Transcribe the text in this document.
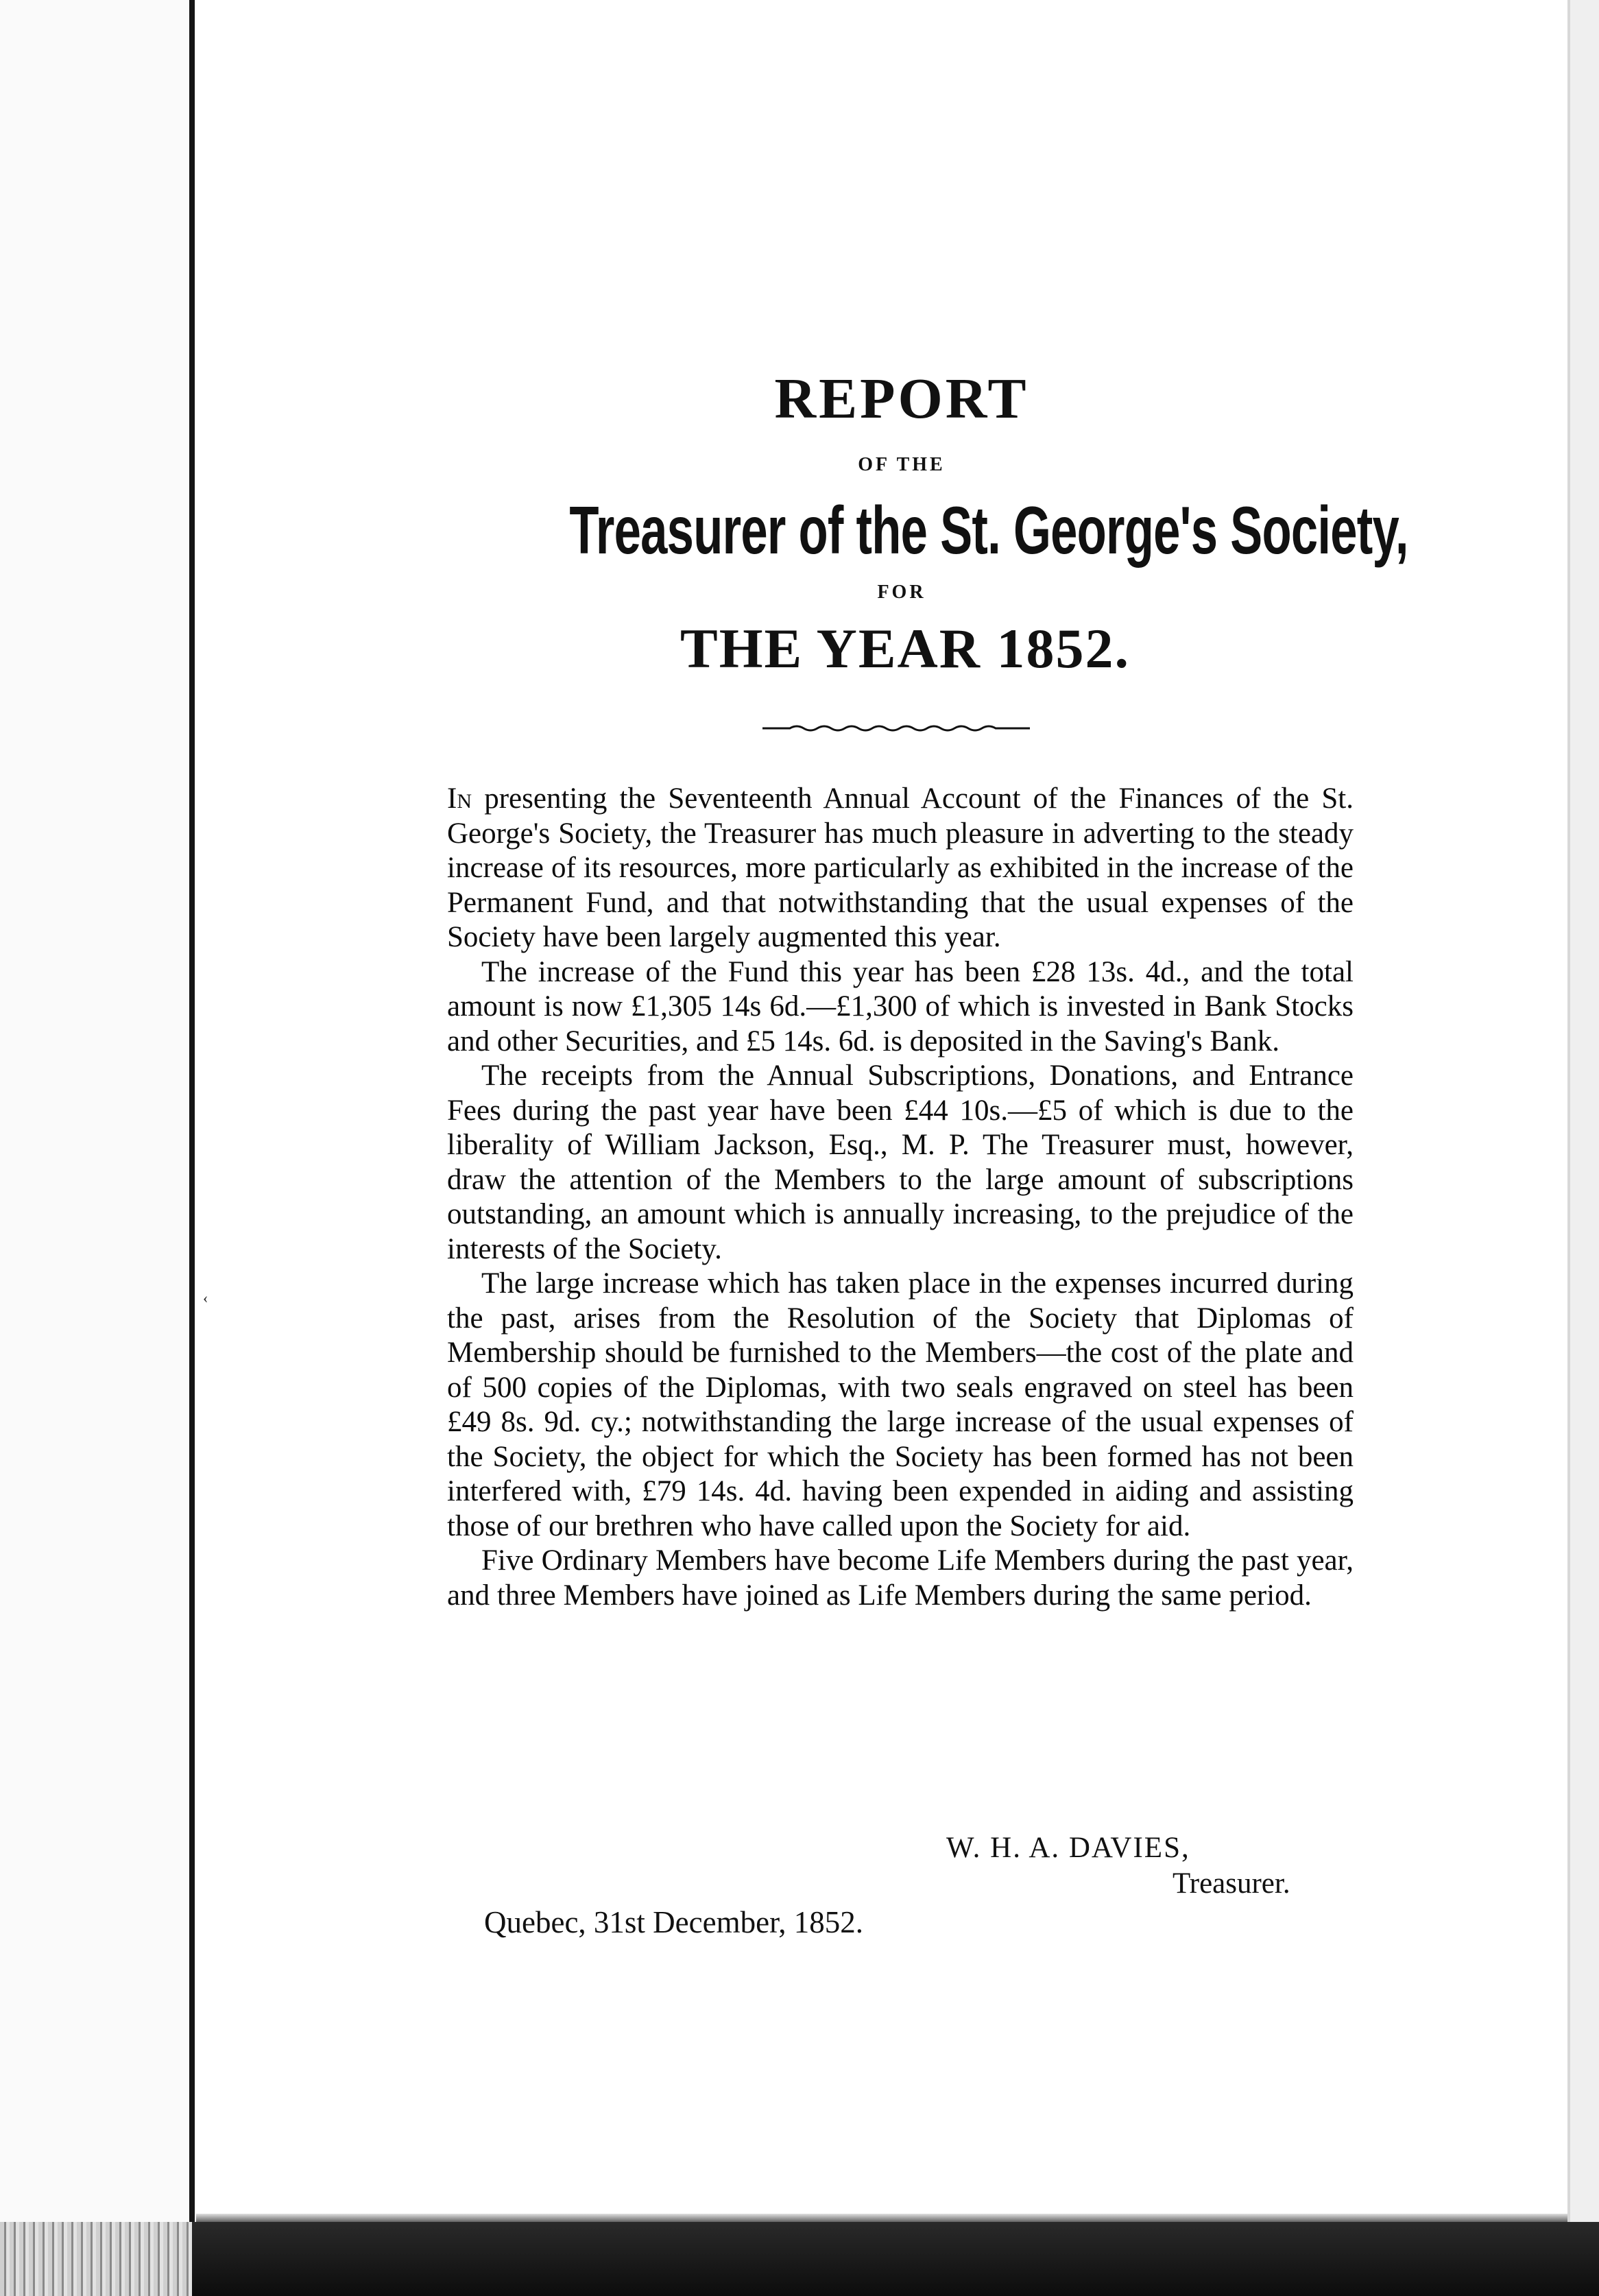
‹
REPORT
OF THE
Treasurer of the St. George's Society,
FOR
THE YEAR 1852.

In presenting the Seventeenth Annual Account of the Finances of the St. George's Society, the Treasurer has much pleasure in adverting to the steady increase of its resources, more particularly as exhibited in the increase of the Permanent Fund, and that notwithstanding that the usual expenses of the Society have been largely augmented this year.

The increase of the Fund this year has been £28 13s. 4d., and the total amount is now £1,305 14s 6d.—£1,300 of which is invested in Bank Stocks and other Securities, and £5 14s. 6d. is deposited in the Saving's Bank.

The receipts from the Annual Subscriptions, Donations, and Entrance Fees during the past year have been £44 10s.—£5 of which is due to the liberality of William Jackson, Esq., M. P. The Treasurer must, however, draw the attention of the Members to the large amount of subscriptions outstanding, an amount which is annually increasing, to the prejudice of the interests of the Society.

The large increase which has taken place in the expenses incurred during the past, arises from the Resolution of the Society that Diplomas of Membership should be furnished to the Members—the cost of the plate and of 500 copies of the Diplomas, with two seals engraved on steel has been £49 8s. 9d. cy.; notwithstanding the large increase of the usual expenses of the Society, the object for which the Society has been formed has not been interfered with, £79 14s. 4d. having been expended in aiding and assisting those of our brethren who have called upon the Society for aid.

Five Ordinary Members have become Life Members during the past year, and three Members have joined as Life Members during the same period.

W. H. A. DAVIES,
Treasurer.
Quebec, 31st December, 1852.
